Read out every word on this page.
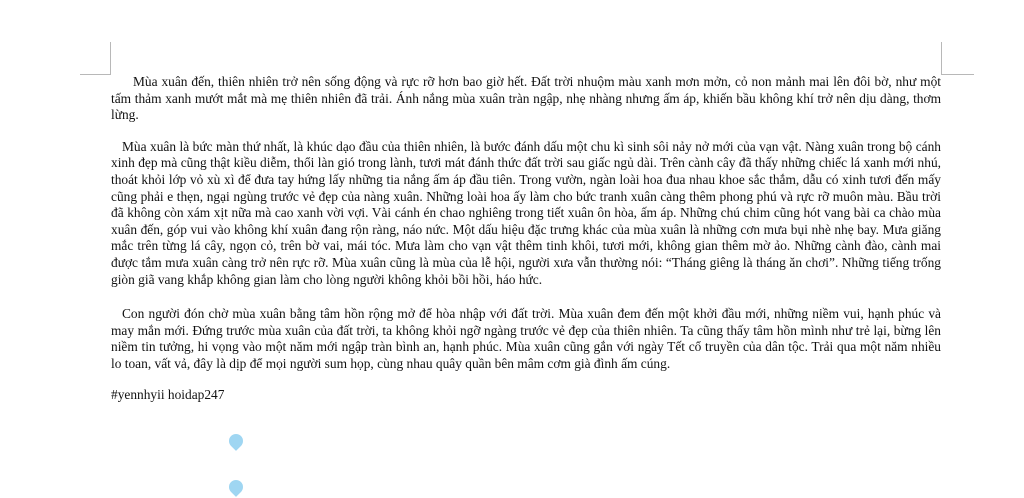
Mùa xuân đến, thiên nhiên trở nên sống động và rực rỡ hơn bao giờ hết. Đất trời nhuộm màu xanh mơn mởn, cỏ non mảnh mai lên đôi bờ, như một tấm thảm xanh mướt mắt mà mẹ thiên nhiên đã trải. Ánh nắng mùa xuân tràn ngập, nhẹ nhàng nhưng ấm áp, khiến bầu không khí trở nên dịu dàng, thơm lừng.

Mùa xuân là bức màn thứ nhất, là khúc dạo đầu của thiên nhiên, là bước đánh dấu một chu kì sinh sôi nảy nở mới của vạn vật. Nàng xuân trong bộ cánh xinh đẹp mà cũng thật kiều diễm, thổi làn gió trong lành, tươi mát đánh thức đất trời sau giấc ngủ dài. Trên cành cây đã thấy những chiếc lá xanh mới nhú, thoát khỏi lớp vỏ xù xì để đưa tay hứng lấy những tia nắng ấm áp đầu tiên. Trong vườn, ngàn loài hoa đua nhau khoe sắc thắm, dẫu có xinh tươi đến mấy cũng phải e thẹn, ngại ngùng trước vẻ đẹp của nàng xuân. Những loài hoa ấy làm cho bức tranh xuân càng thêm phong phú và rực rỡ muôn màu. Bầu trời đã không còn xám xịt nữa mà cao xanh vời vợi. Vài cánh én chao nghiêng trong tiết xuân ôn hòa, ấm áp. Những chú chim cũng hót vang bài ca chào mùa xuân đến, góp vui vào không khí xuân đang rộn ràng, náo nức. Một dấu hiệu đặc trưng khác của mùa xuân là những cơn mưa bụi nhè nhẹ bay. Mưa giăng mắc trên từng lá cây, ngọn cỏ, trên bờ vai, mái tóc. Mưa làm cho vạn vật thêm tinh khôi, tươi mới, không gian thêm mờ ảo. Những cành đào, cành mai được tắm mưa xuân càng trở nên rực rỡ. Mùa xuân cũng là mùa của lễ hội, người xưa vẫn thường nói: “Tháng giêng là tháng ăn chơi”. Những tiếng trống giòn giã vang khắp không gian làm cho lòng người không khỏi bồi hồi, háo hức.

Con người đón chờ mùa xuân bằng tâm hồn rộng mở để hòa nhập với đất trời. Mùa xuân đem đến một khởi đầu mới, những niềm vui, hạnh phúc và may mắn mới. Đứng trước mùa xuân của đất trời, ta không khỏi ngỡ ngàng trước vẻ đẹp của thiên nhiên. Ta cũng thấy tâm hồn mình như trẻ lại, bừng lên niềm tin tưởng, hi vọng vào một năm mới ngập tràn bình an, hạnh phúc. Mùa xuân cũng gắn với ngày Tết cổ truyền của dân tộc. Trải qua một năm nhiều lo toan, vất vả, đây là dịp để mọi người sum họp, cùng nhau quây quần bên mâm cơm già đình ấm cúng.

#yennhyii hoidap247
